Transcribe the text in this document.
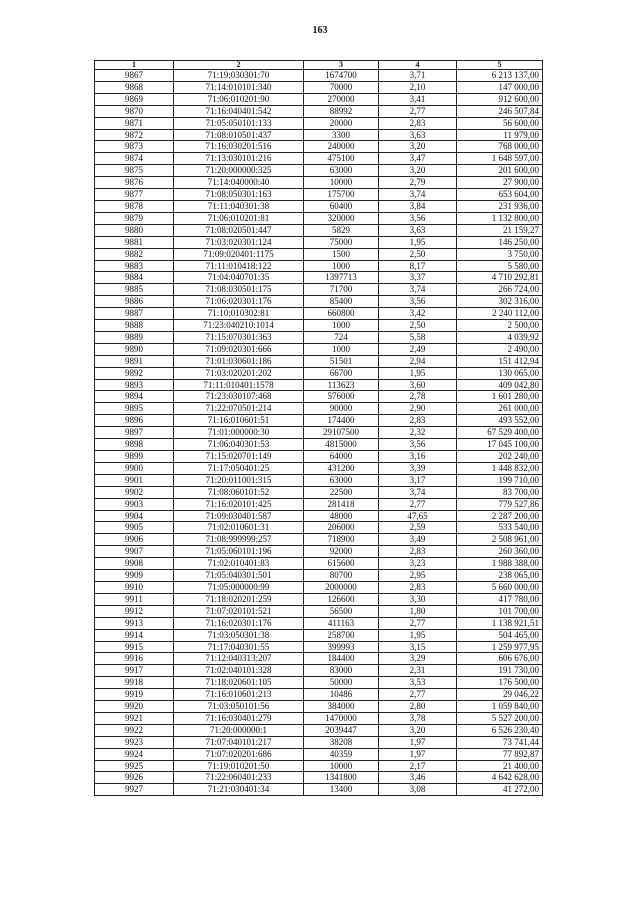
163
1	2	3	4	5
9867	71:19:030301:70	1674700	3,71	6 213 137,00
9868	71:14:010101:340	70000	2,10	147 000,00
9869	71:06:010201:90	270000	3,41	912 600,00
9870	71:16:040401:542	88992	2,77	246 507,84
9871	71:05:050101:133	20000	2,83	56 600,00
9872	71:08:010501:437	3300	3,63	11 979,00
9873	71:16:030201:516	240000	3,20	768 000,00
9874	71:13:030101:216	475100	3,47	1 648 597,00
9875	71:20:000000:325	63000	3,20	201 600,00
9876	71:14:040000:40	10000	2,79	27 900,00
9877	71:08:050301:163	175700	3,74	653 604,00
9878	71:11:040301:38	60400	3,84	231 936,00
9879	71:06:010201:81	320000	3,56	1 132 800,00
9880	71:08:020501:447	5829	3,63	21 159,27
9881	71:03:020301:124	75000	1,95	146 250,00
9882	71:09:020401:1175	1500	2,50	3 750,00
9883	71:11:010418:122	1000	8,17	5 580,00
9884	71:04:040701:35	1397713	3,37	4 710 292,81
9885	71:08:030501:175	71700	3,74	266 724,00
9886	71:06:020301:176	85400	3,56	302 316,00
9887	71:10:010302:81	660800	3,42	2 240 112,00
9888	71:23:040210:1014	1000	2,50	2 500,00
9889	71:15:070301:363	724	5,58	4 039,92
9890	71:09:020301:666	1000	2,49	2 490,00
9891	71:01:030601:186	51501	2,94	151 412,94
9892	71:03:020201:202	66700	1,95	130 065,00
9893	71:11:010401:1578	113623	3,60	409 042,80
9894	71:23:030107:468	576000	2,78	1 601 280,00
9895	71:22:070501:214	90000	2,90	261 000,00
9896	71:16:010601:51	174400	2,83	493 552,00
9897	71:01:000000:30	29107500	2,32	67 529 400,00
9898	71:06:040301:53	4815000	3,56	17 045 100,00
9899	71:15:020701:149	64000	3,16	202 240,00
9900	71:17:050401:25	431200	3,39	1 448 832,00
9901	71:20:011001:315	63000	3,17	199 710,00
9902	71:08:060101:52	22500	3,74	83 700,00
9903	71:16:020101:425	281418	2,77	779 527,86
9904	71:09:030401:587	48000	47,65	2 287 200,00
9905	71:02:010601:31	206000	2,59	533 540,00
9906	71:08:999999:257	718900	3,49	2 508 961,00
9907	71:05:060101:196	92000	2,83	260 360,00
9908	71:02:010401:83	615600	3,23	1 988 388,00
9909	71:05:040301:501	80700	2,95	238 065,00
9910	71:05:000000:99	2000000	2,83	5 660 000,00
9911	71:18:020201:259	126600	3,30	417 780,00
9912	71:07:020101:521	56500	1,80	101 700,00
9913	71:16:020301:176	411163	2,77	1 138 921,51
9914	71:03:050301:38	258700	1,95	504 465,00
9915	71:17:040301:55	399993	3,15	1 259 977,95
9916	71:12:040313:207	184400	3,29	606 676,00
9917	71:02:040101:328	83000	2,31	191 730,00
9918	71:18:020601:105	50000	3,53	176 500,00
9919	71:16:010601:213	10486	2,77	29 046,22
9920	71:03:050101:56	384000	2,80	1 059 840,00
9921	71:16:030401:279	1470000	3,78	5 527 200,00
9922	71:20:000000:1	2039447	3,20	6 526 230,40
9923	71:07:040101:217	38208	1,97	73 741,44
9924	71:07:020201:686	40359	1,97	77 892,87
9925	71:19:010201:50	10000	2,17	21 400,00
9926	71:22:060401:233	1341800	3,46	4 642 628,00
9927	71:21:030401:34	13400	3,08	41 272,00
